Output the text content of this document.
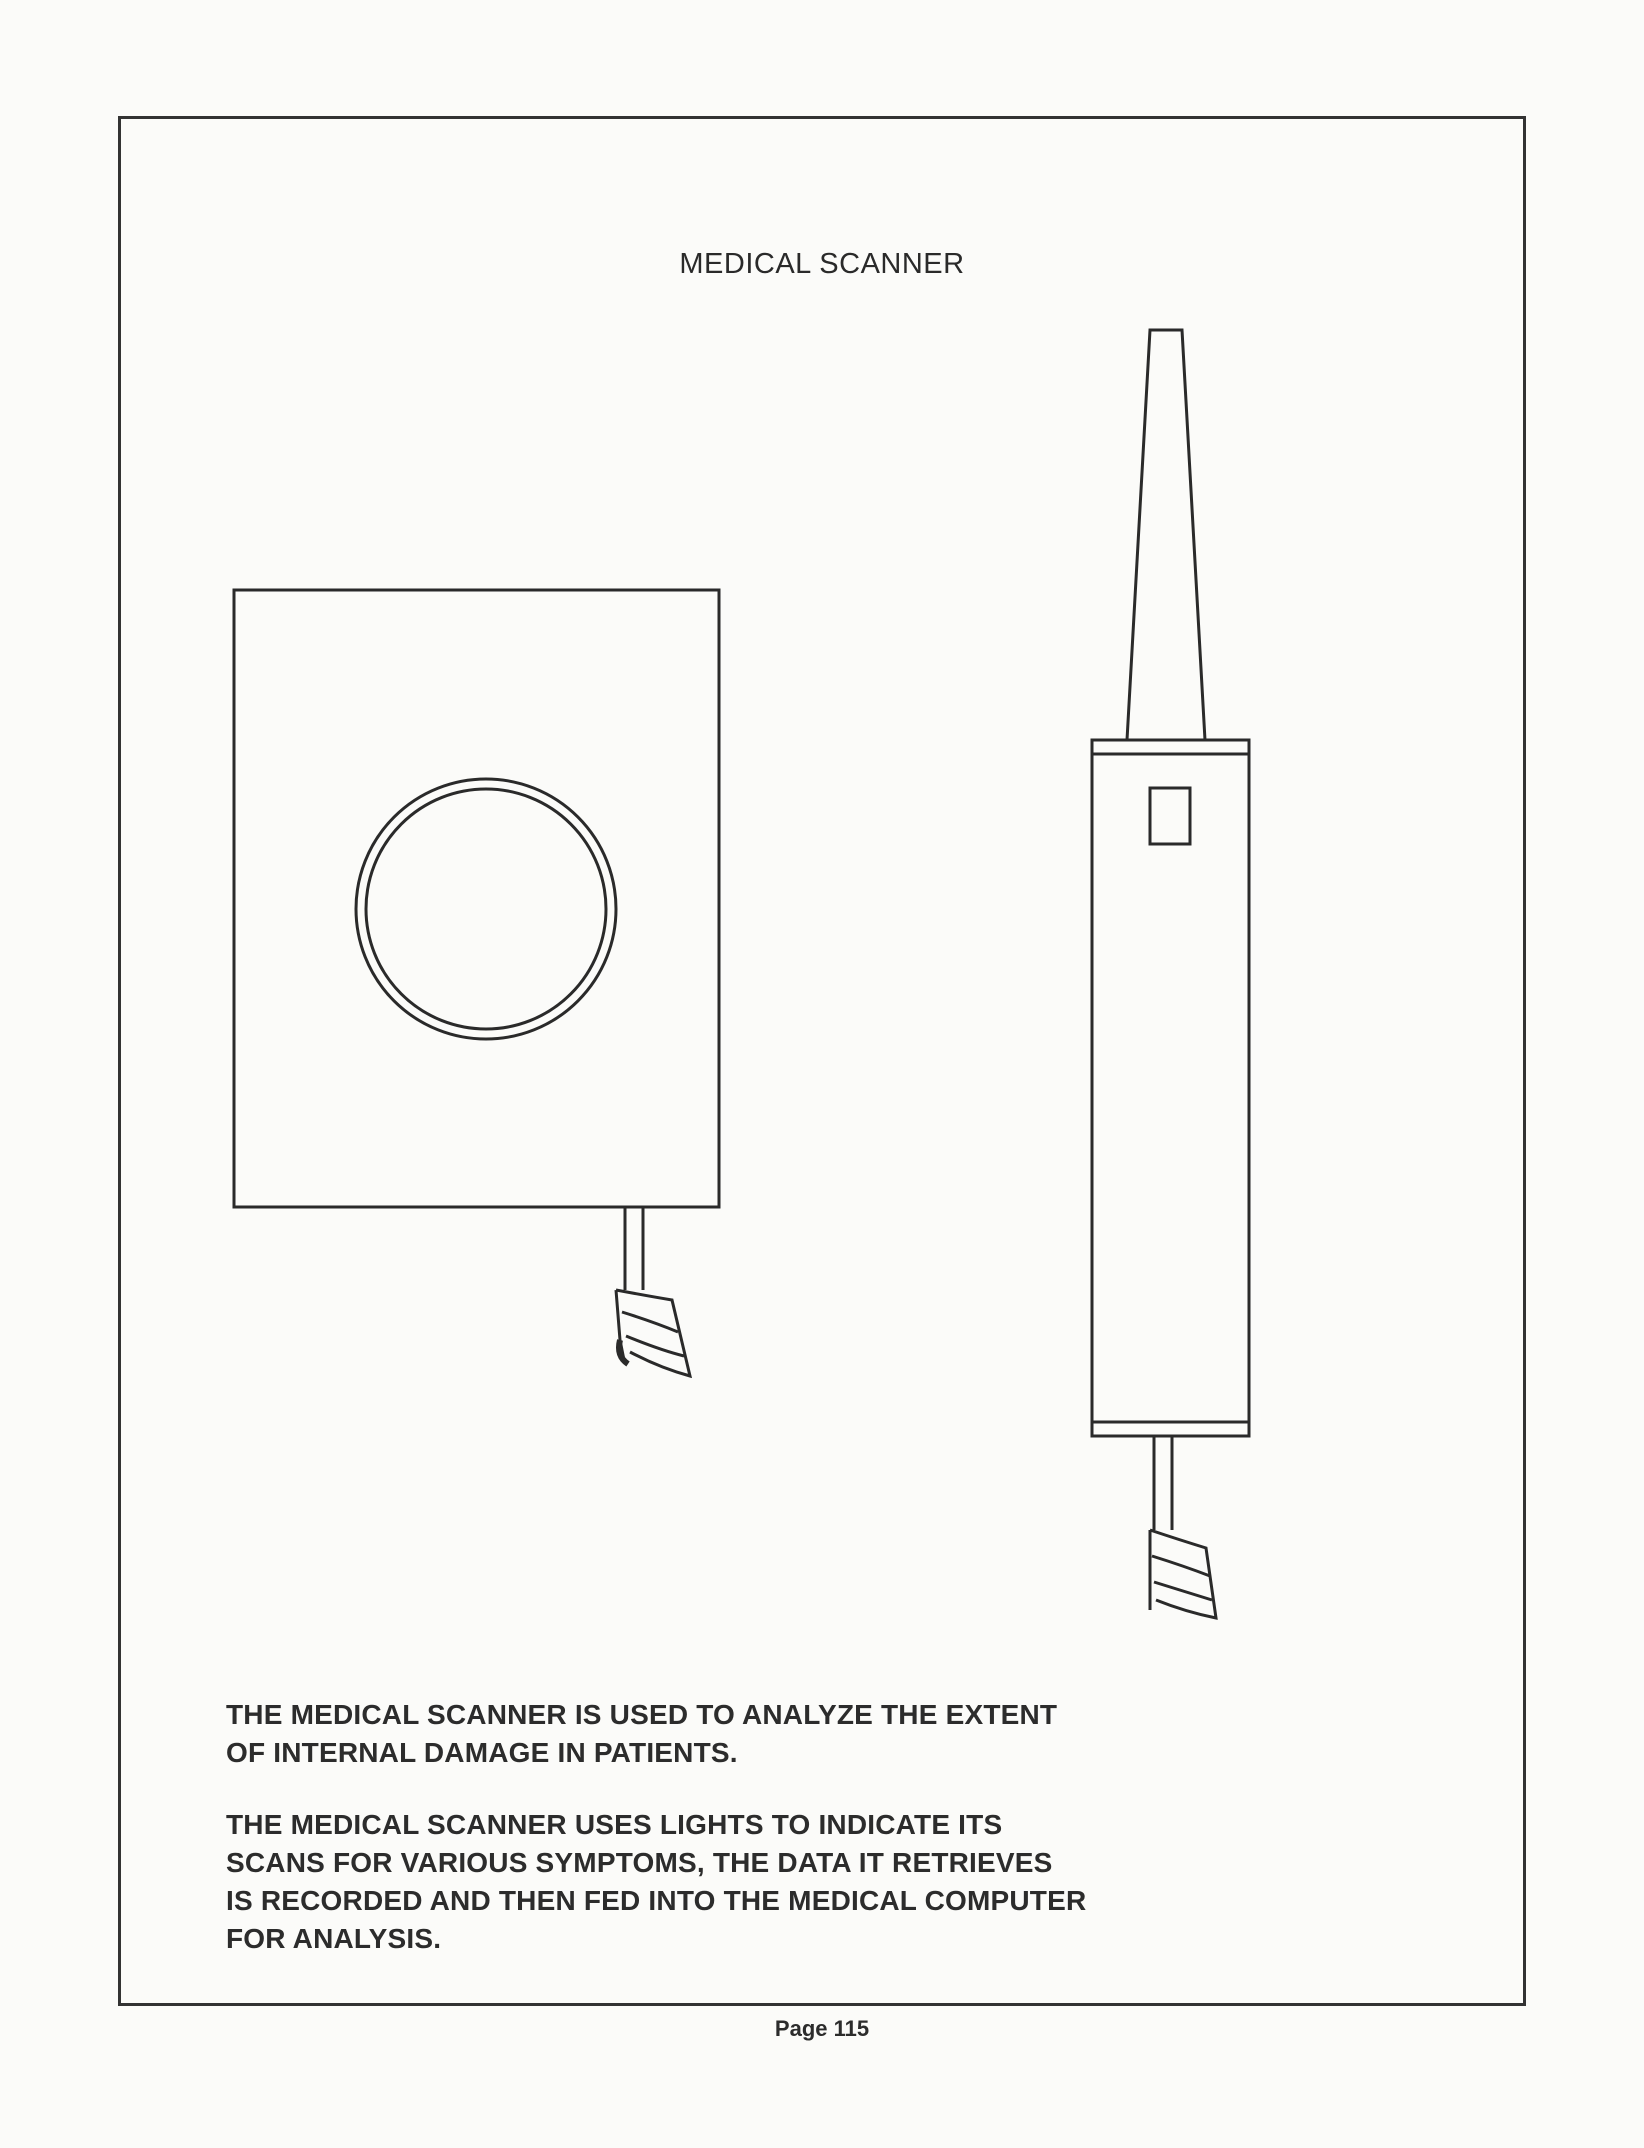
MEDICAL SCANNER
THE MEDICAL SCANNER IS USED TO ANALYZE THE EXTENT
OF INTERNAL DAMAGE IN PATIENTS.
THE MEDICAL SCANNER USES LIGHTS TO INDICATE ITS
SCANS FOR VARIOUS SYMPTOMS, THE DATA IT RETRIEVES
IS RECORDED AND THEN FED INTO THE MEDICAL COMPUTER
FOR ANALYSIS.
Page 115
